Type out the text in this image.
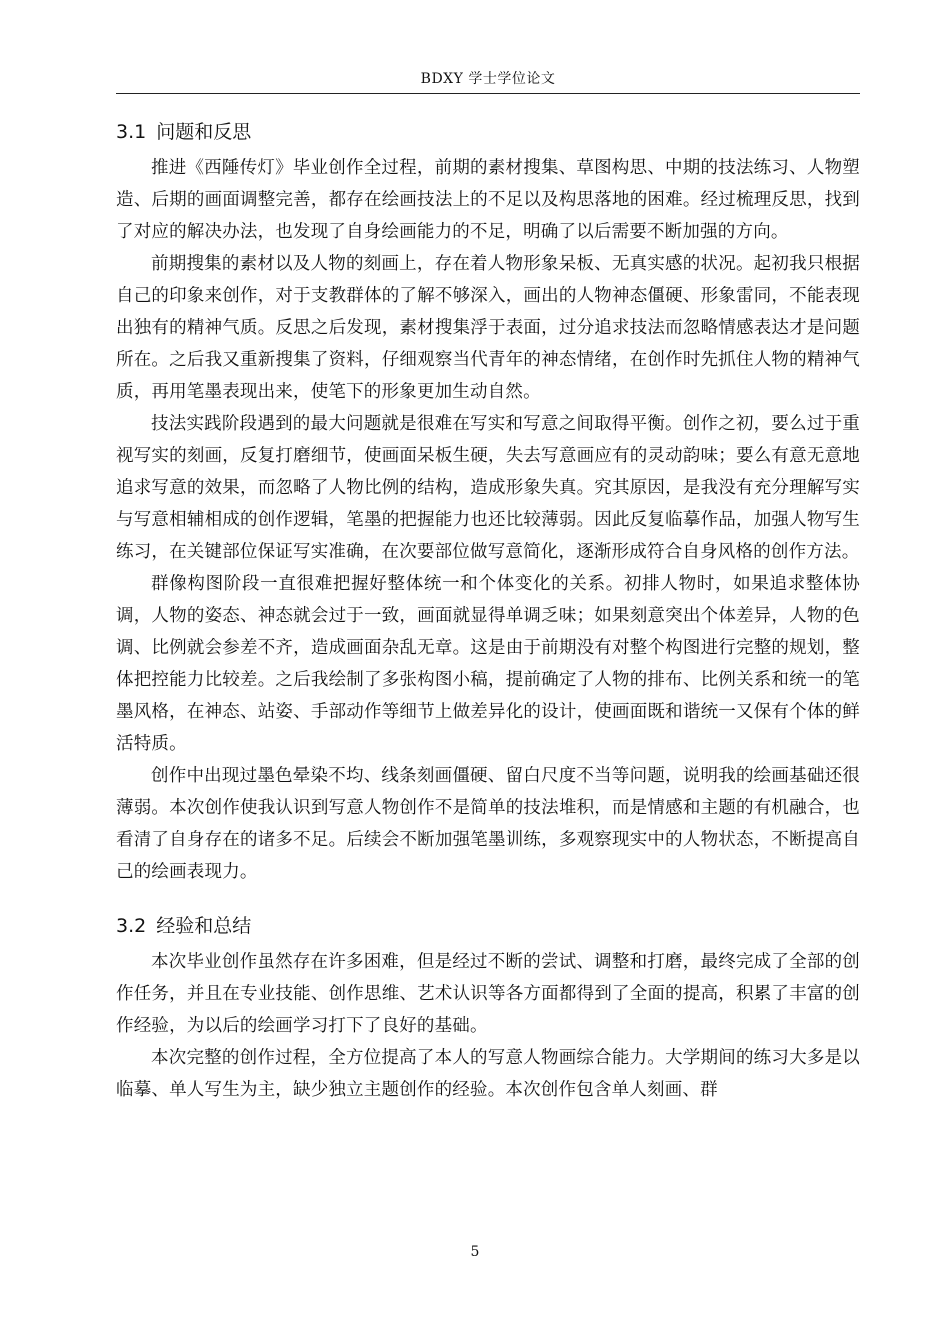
BDXY 学士学位论文
3.1 问题和反思

推进《西陲传灯》毕业创作全过程，前期的素材搜集、草图构思、中期的技法练习、人物塑造、后期的画面调整完善，都存在绘画技法上的不足以及构思落地的困难。经过梳理反思，找到了对应的解决办法，也发现了自身绘画能力的不足，明确了以后需要不断加强的方向。

前期搜集的素材以及人物的刻画上，存在着人物形象呆板、无真实感的状况。起初我只根据自己的印象来创作，对于支教群体的了解不够深入，画出的人物神态僵硬、形象雷同，不能表现出独有的精神气质。反思之后发现，素材搜集浮于表面，过分追求技法而忽略情感表达才是问题所在。之后我又重新搜集了资料，仔细观察当代青年的神态情绪，在创作时先抓住人物的精神气质，再用笔墨表现出来，使笔下的形象更加生动自然。

技法实践阶段遇到的最大问题就是很难在写实和写意之间取得平衡。创作之初，要么过于重视写实的刻画，反复打磨细节，使画面呆板生硬，失去写意画应有的灵动韵味；要么有意无意地追求写意的效果，而忽略了人物比例的结构，造成形象失真。究其原因，是我没有充分理解写实与写意相辅相成的创作逻辑，笔墨的把握能力也还比较薄弱。因此反复临摹作品，加强人物写生练习，在关键部位保证写实准确，在次要部位做写意简化，逐渐形成符合自身风格的创作方法。

群像构图阶段一直很难把握好整体统一和个体变化的关系。初排人物时，如果追求整体协调，人物的姿态、神态就会过于一致，画面就显得单调乏味；如果刻意突出个体差异，人物的色调、比例就会参差不齐，造成画面杂乱无章。这是由于前期没有对整个构图进行完整的规划，整体把控能力比较差。之后我绘制了多张构图小稿，提前确定了人物的排布、比例关系和统一的笔墨风格，在神态、站姿、手部动作等细节上做差异化的设计，使画面既和谐统一又保有个体的鲜活特质。

创作中出现过墨色晕染不均、线条刻画僵硬、留白尺度不当等问题，说明我的绘画基础还很薄弱。本次创作使我认识到写意人物创作不是简单的技法堆积，而是情感和主题的有机融合，也看清了自身存在的诸多不足。后续会不断加强笔墨训练，多观察现实中的人物状态，不断提高自己的绘画表现力。

3.2 经验和总结

本次毕业创作虽然存在许多困难，但是经过不断的尝试、调整和打磨，最终完成了全部的创作任务，并且在专业技能、创作思维、艺术认识等各方面都得到了全面的提高，积累了丰富的创作经验，为以后的绘画学习打下了良好的基础。

本次完整的创作过程，全方位提高了本人的写意人物画综合能力。大学期间的练习大多是以临摹、单人写生为主，缺少独立主题创作的经验。本次创作包含单人刻画、群

5
